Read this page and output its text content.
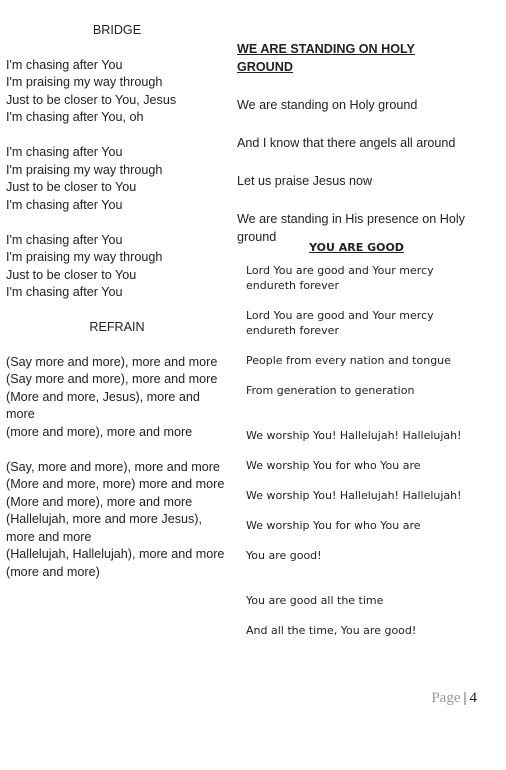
BRIDGE
I'm chasing after You
I'm praising my way through
Just to be closer to You, Jesus
I'm chasing after You, oh
I'm chasing after You
I'm praising my way through
Just to be closer to You
I'm chasing after You
I'm chasing after You
I'm praising my way through
Just to be closer to You
I'm chasing after You
REFRAIN
(Say more and more), more and more
(Say more and more), more and more
(More and more, Jesus), more and more
(more and more), more and more
(Say, more and more), more and more
(More and more, more) more and more
(More and more), more and more
(Hallelujah, more and more Jesus), more and more
(Hallelujah, Hallelujah), more and more (more and more)
WE ARE STANDING ON HOLY GROUND
We are standing on Holy ground
And I know that there angels all around
Let us praise Jesus now
We are standing in His presence on Holy ground
YOU ARE GOOD
Lord You are good and Your mercy endureth forever
Lord You are good and Your mercy endureth forever
People from every nation and tongue
From generation to generation
We worship You! Hallelujah! Hallelujah!
We worship You for who You are
We worship You! Hallelujah! Hallelujah!
We worship You for who You are
You are good!
You are good all the time
And all the time, You are good!
Page | 4
